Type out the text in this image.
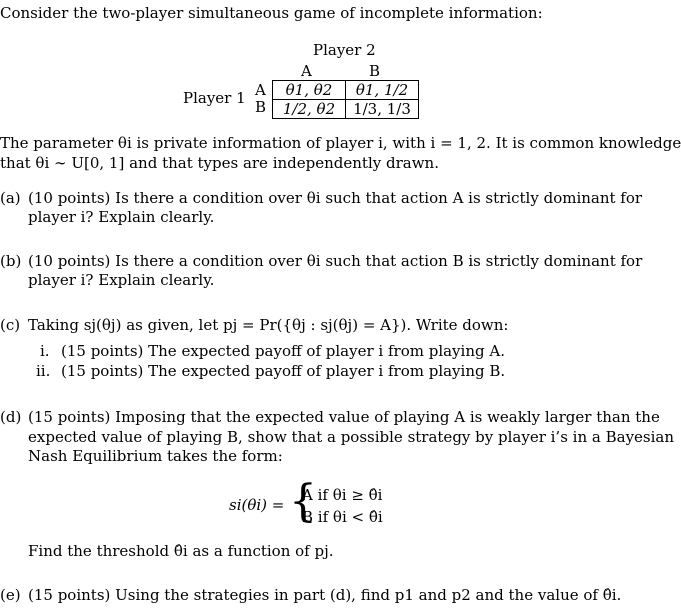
Consider the two-player simultaneous game of incomplete information:
Player 2
A	B
Player 1 A
B
θ1, θ2	θ1, 1/2
1/2, θ2	1/3, 1/3
The parameter θi is private information of player i, with i = 1, 2. It is common knowledge
that θi ∼ U[0, 1] and that types are independently drawn.
(a) (10 points) Is there a condition over θi such that action A is strictly dominant for
player i? Explain clearly.
(b) (10 points) Is there a condition over θi such that action B is strictly dominant for
player i? Explain clearly.
(c) Taking sj(θj) as given, let pj = Pr({θj : sj(θj) = A}). Write down:
i. (15 points) The expected payoff of player i from playing A.
ii. (15 points) The expected payoff of player i from playing B.
(d) (15 points) Imposing that the expected value of playing A is weakly larger than the
expected value of playing B, show that a possible strategy by player i’s in a Bayesian
Nash Equilibrium takes the form:
si(θi) = {
A if θi ≥ θ̂i
B if θi < θ̂i
Find the threshold θ̂i as a function of pj.
(e) (15 points) Using the strategies in part (d), find p1 and p2 and the value of θ̂i.
